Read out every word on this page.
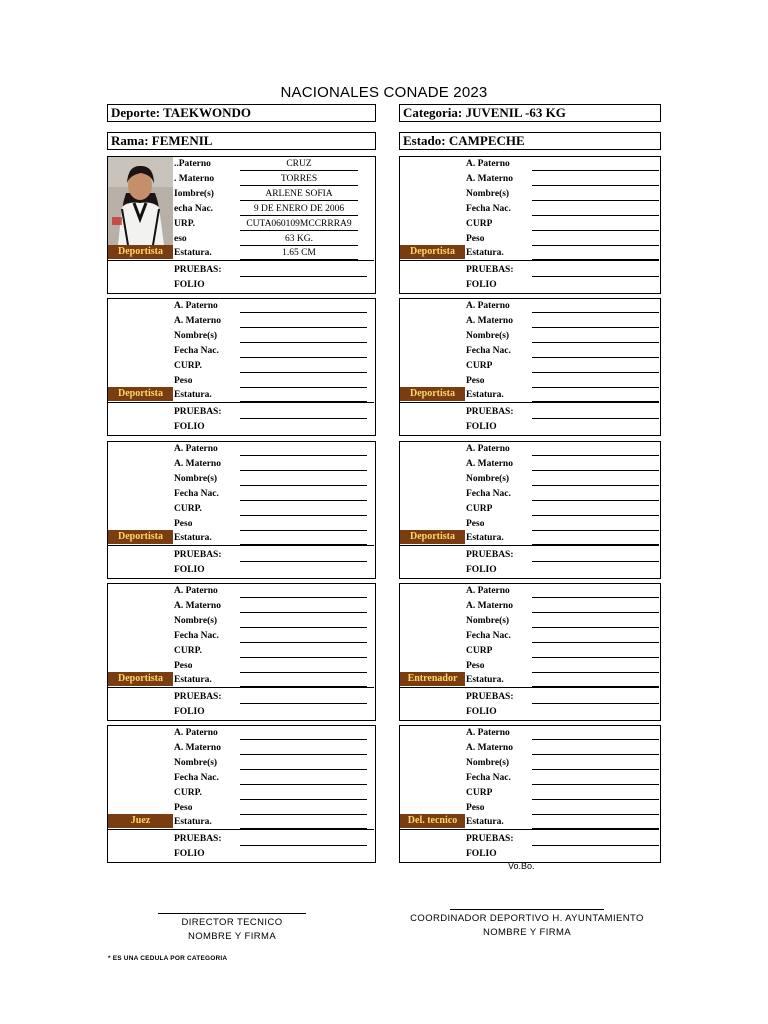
NACIONALES CONADE 2023
Deporte: TAEKWONDO	Categoria: JUVENIL -63 KG
Rama: FEMENIL	Estado: CAMPECHE
Deportista
..Paterno	CRUZ
. Materno	TORRES
Iombre(s)	ARLENE SOFIA
echa Nac.	9 DE ENERO DE 2006
URP.	CUTA060109MCCRRRA9
eso	63 KG.
Estatura.	1.65 CM
PRUEBAS:
FOLIO
Deportista
A. Paterno
A. Materno
Nombre(s)
Fecha Nac.
CURP
Peso
Estatura.
PRUEBAS:
FOLIO
Deportista
A. Paterno
A. Materno
Nombre(s)
Fecha Nac.
CURP.
Peso
Estatura.
PRUEBAS:
FOLIO
Deportista
A. Paterno
A. Materno
Nombre(s)
Fecha Nac.
CURP
Peso
Estatura.
PRUEBAS:
FOLIO
Deportista
A. Paterno
A. Materno
Nombre(s)
Fecha Nac.
CURP.
Peso
Estatura.
PRUEBAS:
FOLIO
Deportista
A. Paterno
A. Materno
Nombre(s)
Fecha Nac.
CURP
Peso
Estatura.
PRUEBAS:
FOLIO
Deportista
A. Paterno
A. Materno
Nombre(s)
Fecha Nac.
CURP.
Peso
Estatura.
PRUEBAS:
FOLIO
Entrenador
A. Paterno
A. Materno
Nombre(s)
Fecha Nac.
CURP
Peso
Estatura.
PRUEBAS:
FOLIO
Juez
A. Paterno
A. Materno
Nombre(s)
Fecha Nac.
CURP.
Peso
Estatura.
PRUEBAS:
FOLIO
Del. tecnico
A. Paterno
A. Materno
Nombre(s)
Fecha Nac.
CURP
Peso
Estatura.
PRUEBAS:
FOLIO
Vo.Bo.
DIRECTOR TECNICO
NOMBRE Y FIRMA
COORDINADOR DEPORTIVO H. AYUNTAMIENTO
NOMBRE Y FIRMA
* ES UNA CEDULA POR CATEGORIA
